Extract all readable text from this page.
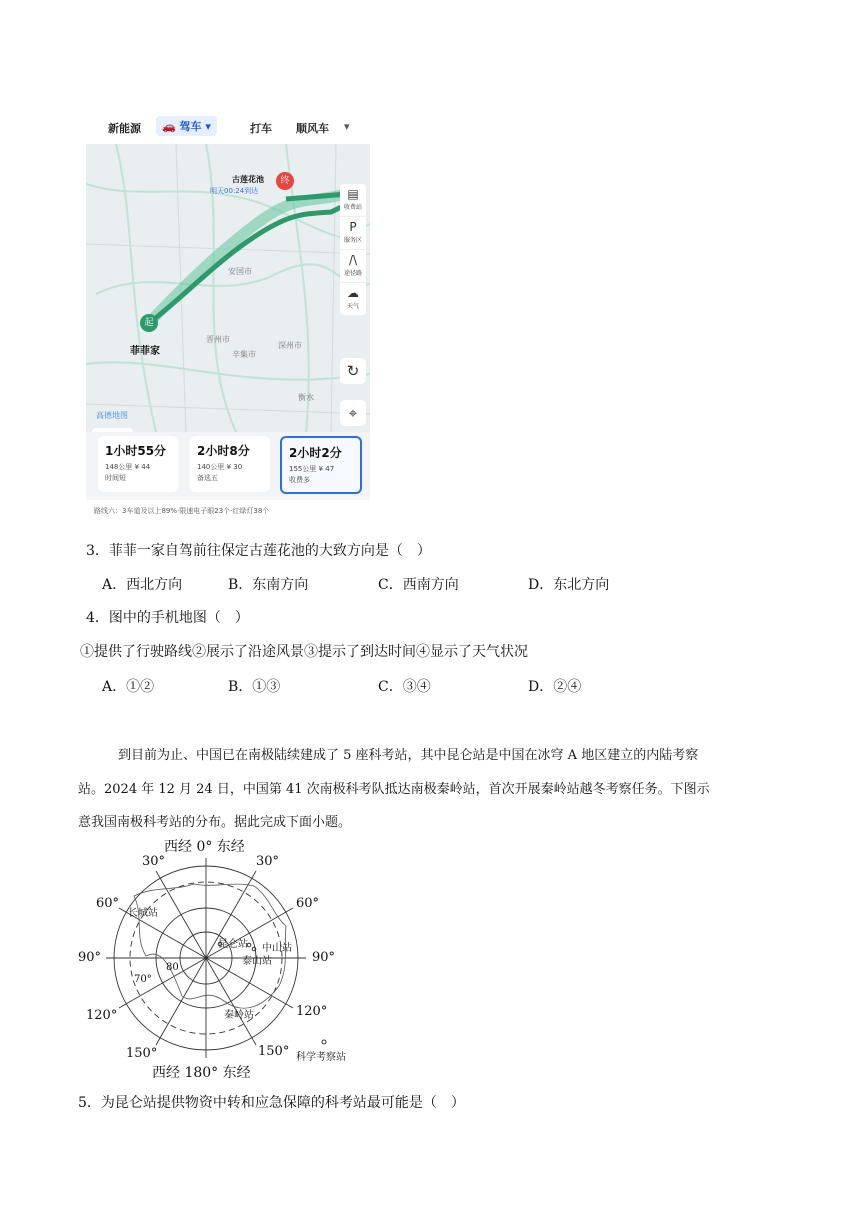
新能源	🚗 驾车 ▾	打车 顺风车 ▾
古莲花池
明天00:24到达
终
起
菲菲家
安国市
晋州市
辛集市
深州市
衡水
高德地图
▤
收费站
P
服务区
/\
途径路
☁
天气
↻
⌖
1小时55分
148公里 ¥ 44
时间短
2小时8分
140公里 ¥ 30
备选五
2小时2分
155公里 ¥ 47
收费多
路线六：3车道及以上89%·限速电子眼23个·红绿灯38个
3．菲菲一家自驾前往保定古莲花池的大致方向是（　）
A．西北方向	B．东南方向	C．西南方向	D．东北方向
4．图中的手机地图（　）
①提供了行驶路线②展示了沿途风景③提示了到达时间④显示了天气状况
A．①②	B．①③	C．③④	D．②④
到目前为止、中国已在南极陆续建成了 5 座科考站，其中昆仑站是中国在冰穹 A 地区建立的内陆考察
站。2024 年 12 月 24 日，中国第 41 次南极科考队抵达南极秦岭站，首次开展秦岭站越冬考察任务。下图示
意我国南极科考站的分布。据此完成下面小题。
西经 0° 东经
30°	30°
60°	60°
90°	90°
120°	120°
150°	150°
80
70°
长城站
昆仑站 中山站
泰山站
秦岭站
科学考察站
西经 180° 东经
5．为昆仑站提供物资中转和应急保障的科考站最可能是（　）
